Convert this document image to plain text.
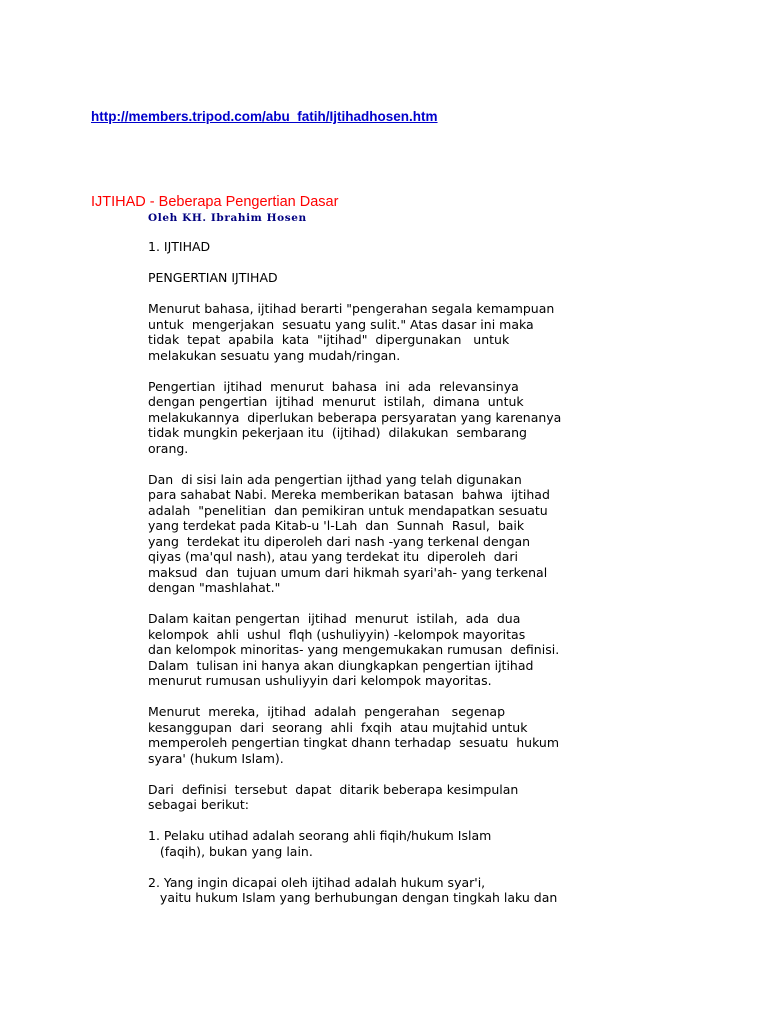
http://members.tripod.com/abu_fatih/Ijtihadhosen.htm
IJTIHAD - Beberapa Pengertian Dasar
Oleh KH. Ibrahim Hosen
1. IJTIHAD
PENGERTIAN IJTIHAD
Menurut bahasa, ijtihad berarti "pengerahan segala kemampuan
untuk  mengerjakan  sesuatu yang sulit." Atas dasar ini maka
tidak  tepat  apabila  kata  "ijtihad"  dipergunakan   untuk
melakukan sesuatu yang mudah/ringan.
Pengertian  ijtihad  menurut  bahasa  ini  ada  relevansinya
dengan pengertian  ijtihad  menurut  istilah,  dimana  untuk
melakukannya  diperlukan beberapa persyaratan yang karenanya
tidak mungkin pekerjaan itu  (ijtihad)  dilakukan  sembarang
orang.
Dan  di sisi lain ada pengertian ijthad yang telah digunakan
para sahabat Nabi. Mereka memberikan batasan  bahwa  ijtihad
adalah  "penelitian  dan pemikiran untuk mendapatkan sesuatu
yang terdekat pada Kitab-u 'l-Lah  dan  Sunnah  Rasul,  baik
yang  terdekat itu diperoleh dari nash -yang terkenal dengan
qiyas (ma'qul nash), atau yang terdekat itu  diperoleh  dari
maksud  dan  tujuan umum dari hikmah syari'ah- yang terkenal
dengan "mashlahat."
Dalam kaitan pengertan  ijtihad  menurut  istilah,  ada  dua
kelompok  ahli  ushul  flqh (ushuliyyin) -kelompok mayoritas
dan kelompok minoritas- yang mengemukakan rumusan  definisi.
Dalam  tulisan ini hanya akan diungkapkan pengertian ijtihad
menurut rumusan ushuliyyin dari kelompok mayoritas.
Menurut  mereka,  ijtihad  adalah  pengerahan   segenap
kesanggupan  dari  seorang  ahli  fxqih  atau mujtahid untuk
memperoleh pengertian tingkat dhann terhadap  sesuatu  hukum
syara' (hukum Islam).
Dari  definisi  tersebut  dapat  ditarik beberapa kesimpulan
sebagai berikut:
1. Pelaku utihad adalah seorang ahli fiqih/hukum Islam
(faqih), bukan yang lain.
2. Yang ingin dicapai oleh ijtihad adalah hukum syar'i,
yaitu hukum Islam yang berhubungan dengan tingkah laku dan
